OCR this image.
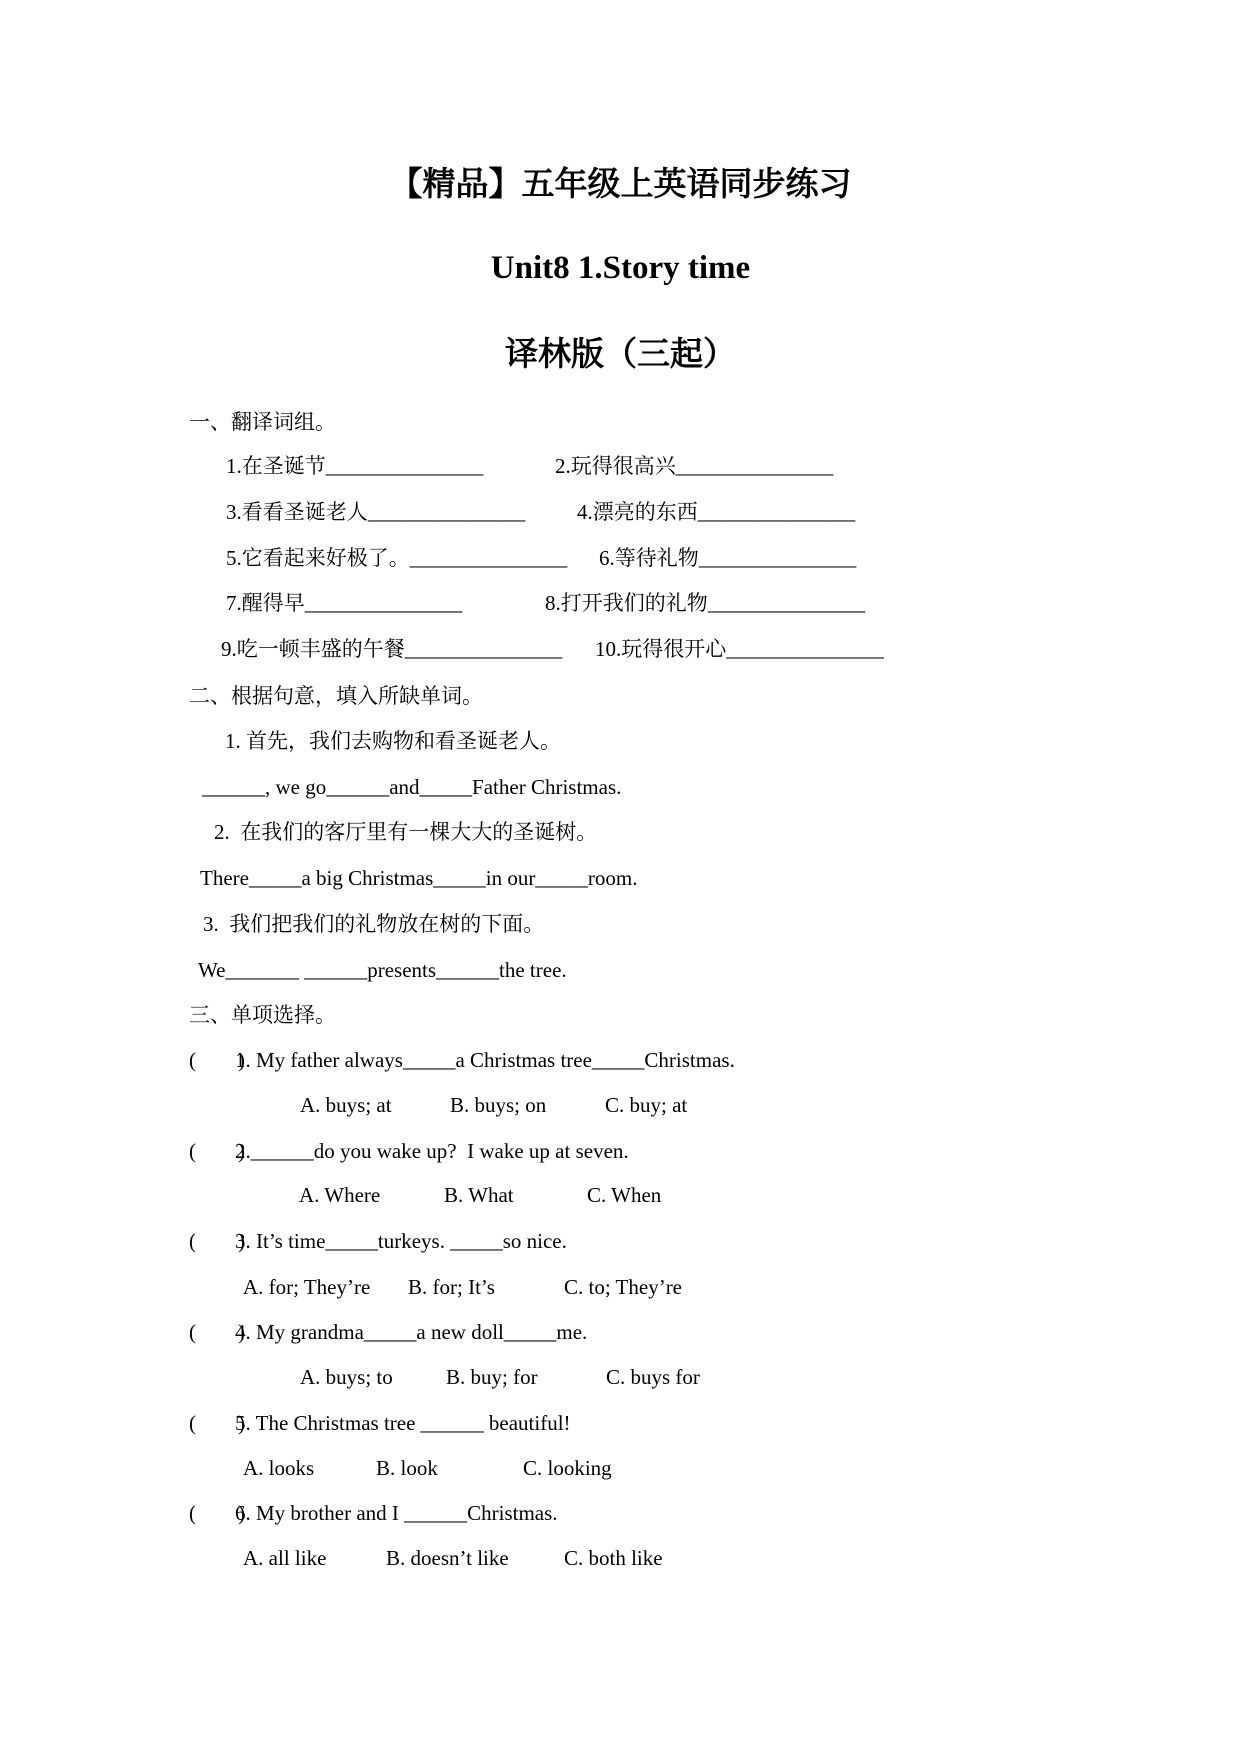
【精品】五年级上英语同步练习
Unit8 1.Story time
译林版（三起）
一、翻译词组。
1.在圣诞节_______________	2.玩得很高兴_______________
3.看看圣诞老人_______________ 4.漂亮的东西_______________
5.它看起来好极了。_______________ 6.等待礼物_______________
7.醒得早_______________	8.打开我们的礼物_______________
9.吃一顿丰盛的午餐_______________ 10.玩得很开心_______________
二、根据句意，填入所缺单词。
1. 首先，我们去购物和看圣诞老人。
______, we go______and_____Father Christmas.
2.  在我们的客厅里有一棵大大的圣诞树。
There_____a big Christmas_____in our_____room.
3.  我们把我们的礼物放在树的下面。
We_______ ______presents______the tree.
三、单项选择。
(        )
1. My father always_____a Christmas tree_____Christmas.
A. buys; at	B. buys; on	C. buy; at
(        )
2.______do you wake up?  I wake up at seven.
A. Where	B. What	C. When
(        )
3. It’s time_____turkeys. _____so nice.
A. for; They’re B. for; It’s	C. to; They’re
(        )
4. My grandma_____a new doll_____me.
A. buys; to	B. buy; for	C. buys for
(        )
5. The Christmas tree ______ beautiful!
A. looks	B. look	C. looking
(        )
6. My brother and I ______Christmas.
A. all like	B. doesn’t like	C. both like
